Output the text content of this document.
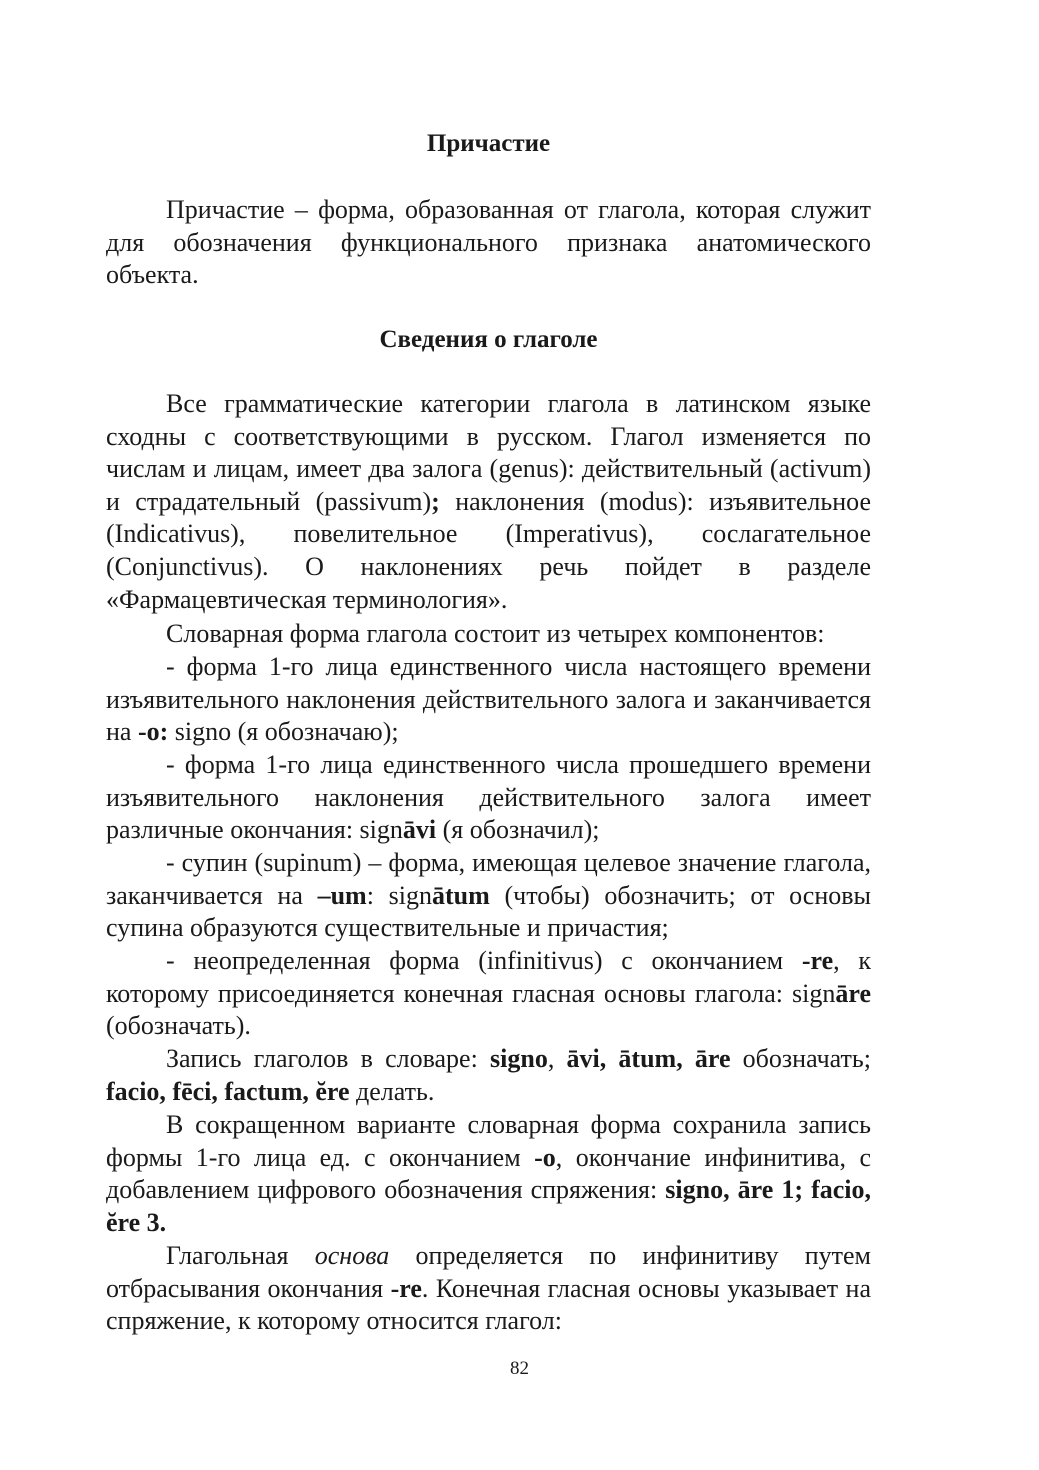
Причастие

Причастие – форма, образованная от глагола, которая служит для обозначения функционального признака анатомического объекта.

Сведения о глаголе

Все грамматические категории глагола в латинском языке сходны с соответствующими в русском. Глагол изменяется по числам и лицам, имеет два залога (genus): действительный (activum) и страдательный (passivum); наклонения (modus): изъявительное (Indicativus), повелительное (Imperativus), сослагательное (Conjunctivus). О наклонениях речь пойдет в разделе «Фармацевтическая терминология».

Словарная форма глагола состоит из четырех компонентов:

- форма 1-го лица единственного числа настоящего времени изъявительного наклонения действительного залога и заканчивается на -o: signo (я обозначаю);

- форма 1-го лица единственного числа прошедшего времени изъявительного наклонения действительного залога имеет различные окончания: signāvi (я обозначил);

- супин (supinum) – форма, имеющая целевое значение глагола, заканчивается на –um: signātum (чтобы) обозначить; от основы супина образуются существительные и причастия;

- неопределенная форма (infinitivus) с окончанием -re, к которому присоединяется конечная гласная основы глагола: signāre (обозначать).

Запись глаголов в словаре: signo, āvi, ātum, āre обозначать; facio, fēci, factum, ĕre делать.

В сокращенном варианте словарная форма сохранила запись формы 1-го лица ед. с окончанием -o, окончание инфинитива, с добавлением цифрового обозначения спряжения: signo, āre 1; facio, ĕre 3.

Глагольная основа определяется по инфинитиву путем отбрасывания окончания -re. Конечная гласная основы указывает на спряжение, к которому относится глагол:

82
